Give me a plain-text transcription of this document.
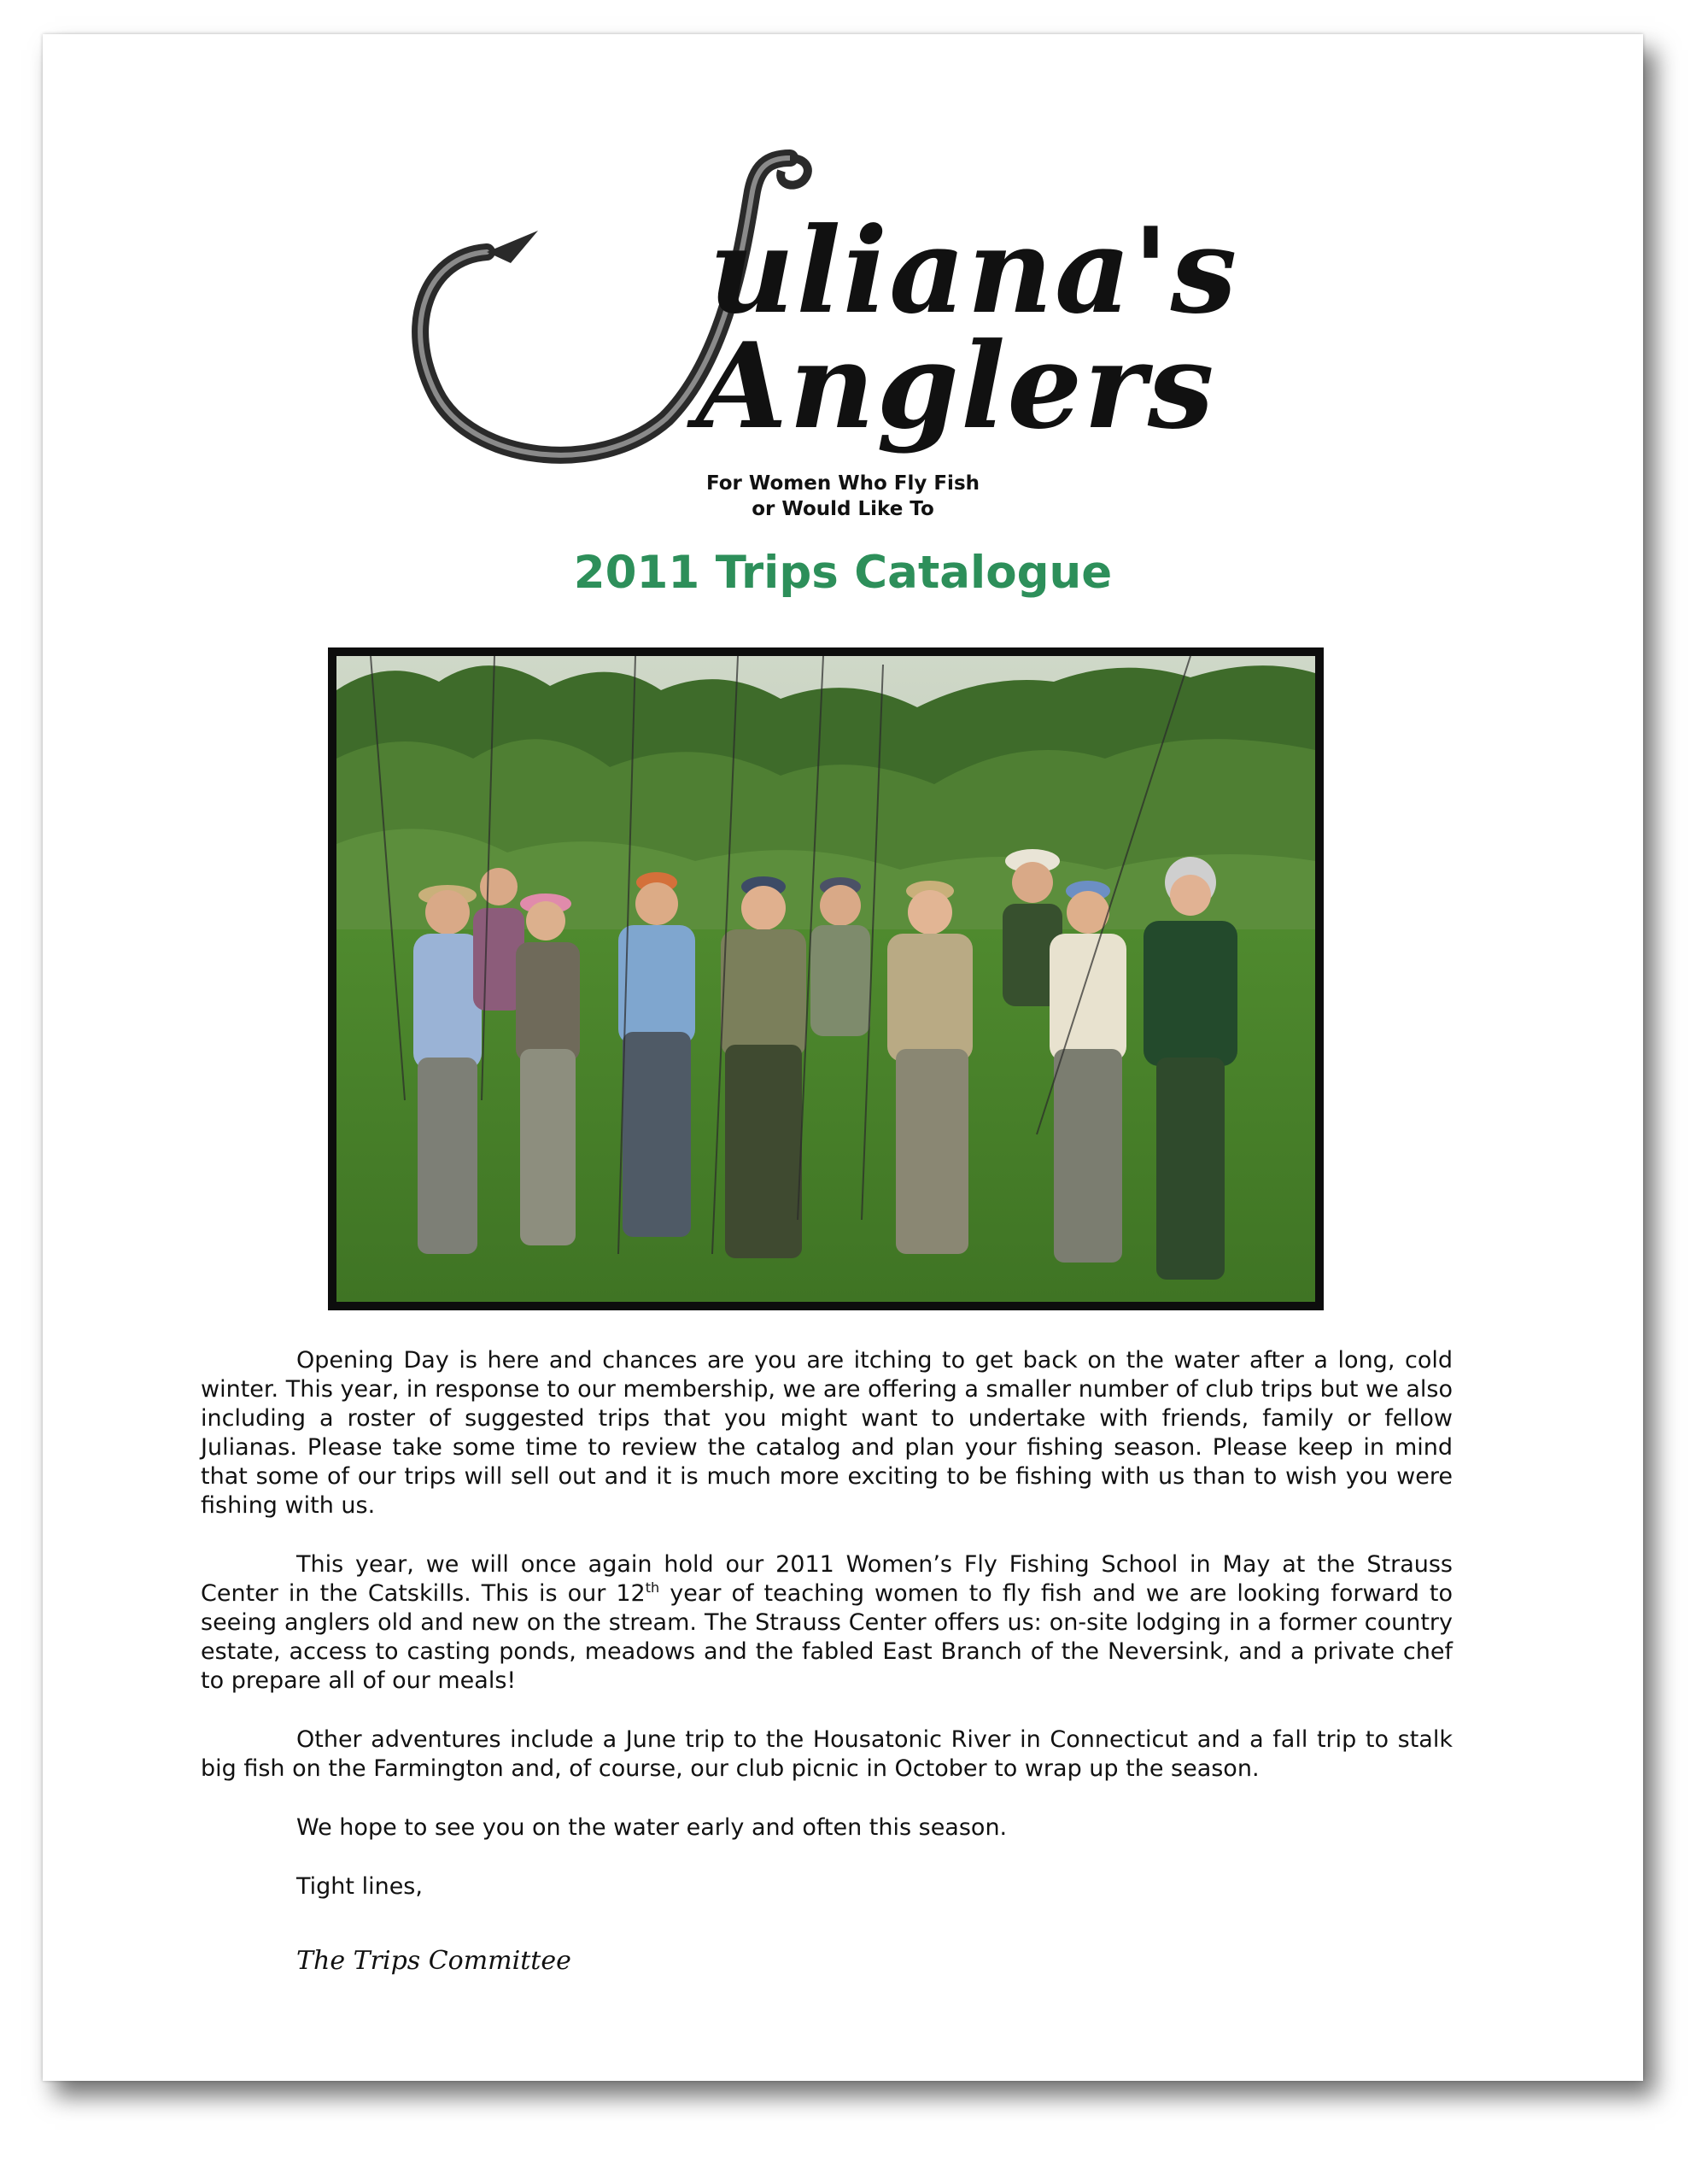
uliana's
Anglers
For Women Who Fly Fish
or Would Like To
2011 Trips Catalogue

Opening Day is here and chances are you are itching to get back on the water after a long, cold winter. This year, in response to our membership, we are offering a smaller number of club trips but we also including a roster of suggested trips that you might want to undertake with friends, family or fellow Julianas. Please take some time to review the catalog and plan your fishing season. Please keep in mind that some of our trips will sell out and it is much more exciting to be fishing with us than to wish you were fishing with us.

This year, we will once again hold our 2011 Women’s Fly Fishing School in May at the Strauss Center in the Catskills. This is our 12th year of teaching women to fly fish and we are looking forward to seeing anglers old and new on the stream. The Strauss Center offers us: on-site lodging in a former country estate, access to casting ponds, meadows and the fabled East Branch of the Neversink, and a private chef to prepare all of our meals!

Other adventures include a June trip to the Housatonic River in Connecticut and a fall trip to stalk big fish on the Farmington and, of course, our club picnic in October to wrap up the season.

We hope to see you on the water early and often this season.

Tight lines,

The Trips Committee
